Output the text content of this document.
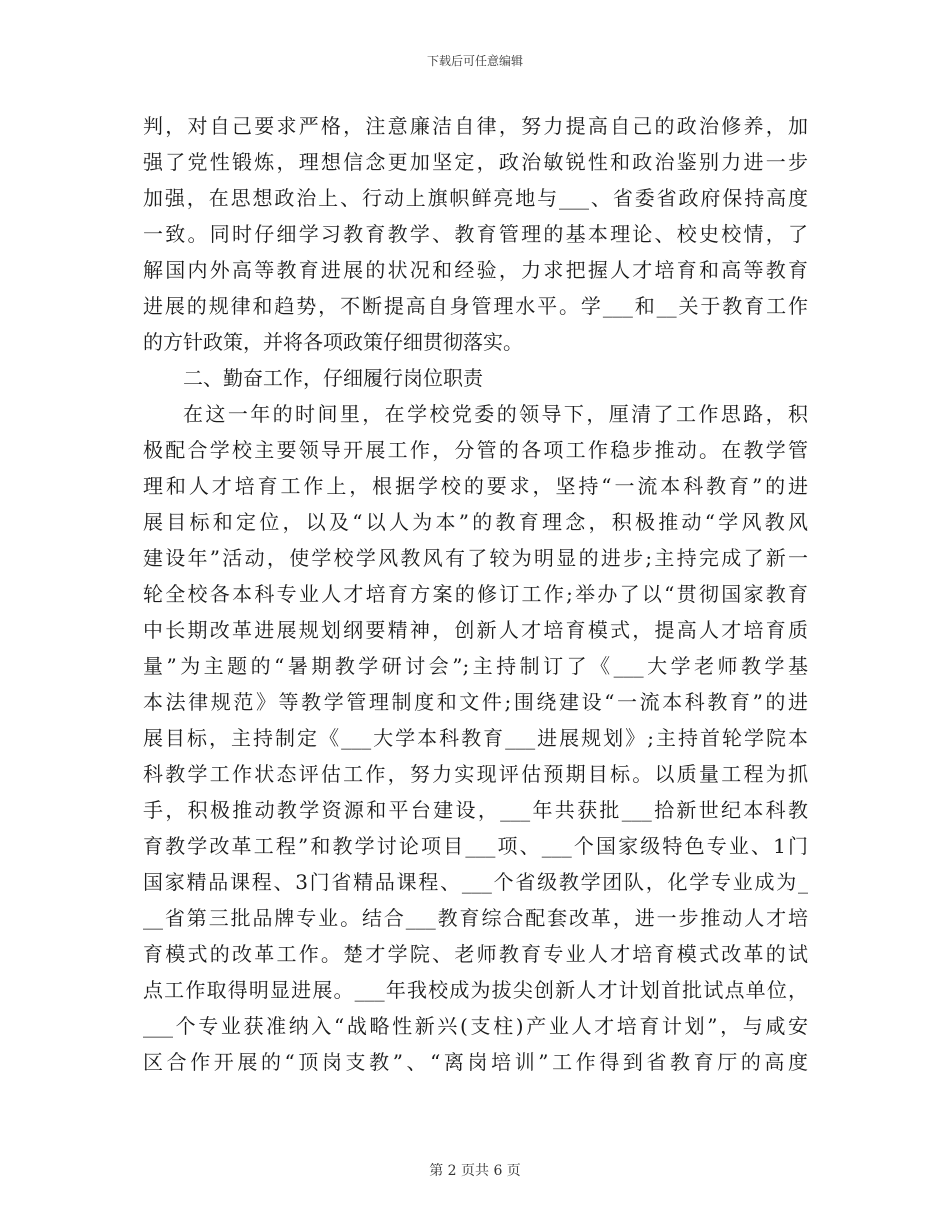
下载后可任意编辑
判，对自己要求严格，注意廉洁自律，努力提高自己的政治修养，加
强了党性锻炼，理想信念更加坚定，政治敏锐性和政治鉴别力进一步
加强，在思想政治上、行动上旗帜鲜亮地与___、省委省政府保持高度
一致。同时仔细学习教育教学、教育管理的基本理论、校史校情，了
解国内外高等教育进展的状况和经验，力求把握人才培育和高等教育
进展的规律和趋势，不断提高自身管理水平。学___和__关于教育工作
的方针政策，并将各项政策仔细贯彻落实。
二、勤奋工作，仔细履行岗位职责
在这一年的时间里，在学校党委的领导下，厘清了工作思路，积
极配合学校主要领导开展工作，分管的各项工作稳步推动。在教学管
理和人才培育工作上，根据学校的要求，坚持“一流本科教育”的进
展目标和定位，以及“以人为本”的教育理念，积极推动“学风教风
建设年”活动，使学校学风教风有了较为明显的进步;主持完成了新一
轮全校各本科专业人才培育方案的修订工作;举办了以“贯彻国家教育
中长期改革进展规划纲要精神，创新人才培育模式，提高人才培育质
量”为主题的“暑期教学研讨会”;主持制订了《___大学老师教学基
本法律规范》等教学管理制度和文件;围绕建设“一流本科教育”的进
展目标，主持制定《___大学本科教育___进展规划》;主持首轮学院本
科教学工作状态评估工作，努力实现评估预期目标。以质量工程为抓
手，积极推动教学资源和平台建设，___年共获批___拾新世纪本科教
育教学改革工程”和教学讨论项目___项、___个国家级特色专业、1门
国家精品课程、3门省精品课程、___个省级教学团队，化学专业成为_
__省第三批品牌专业。结合___教育综合配套改革，进一步推动人才培
育模式的改革工作。楚才学院、老师教育专业人才培育模式改革的试
点工作取得明显进展。___年我校成为拔尖创新人才计划首批试点单位，
___个专业获准纳入“战略性新兴(支柱)产业人才培育计划”，与咸安
区合作开展的“顶岗支教”、“离岗培训”工作得到省教育厅的高度
第 2 页共 6 页
